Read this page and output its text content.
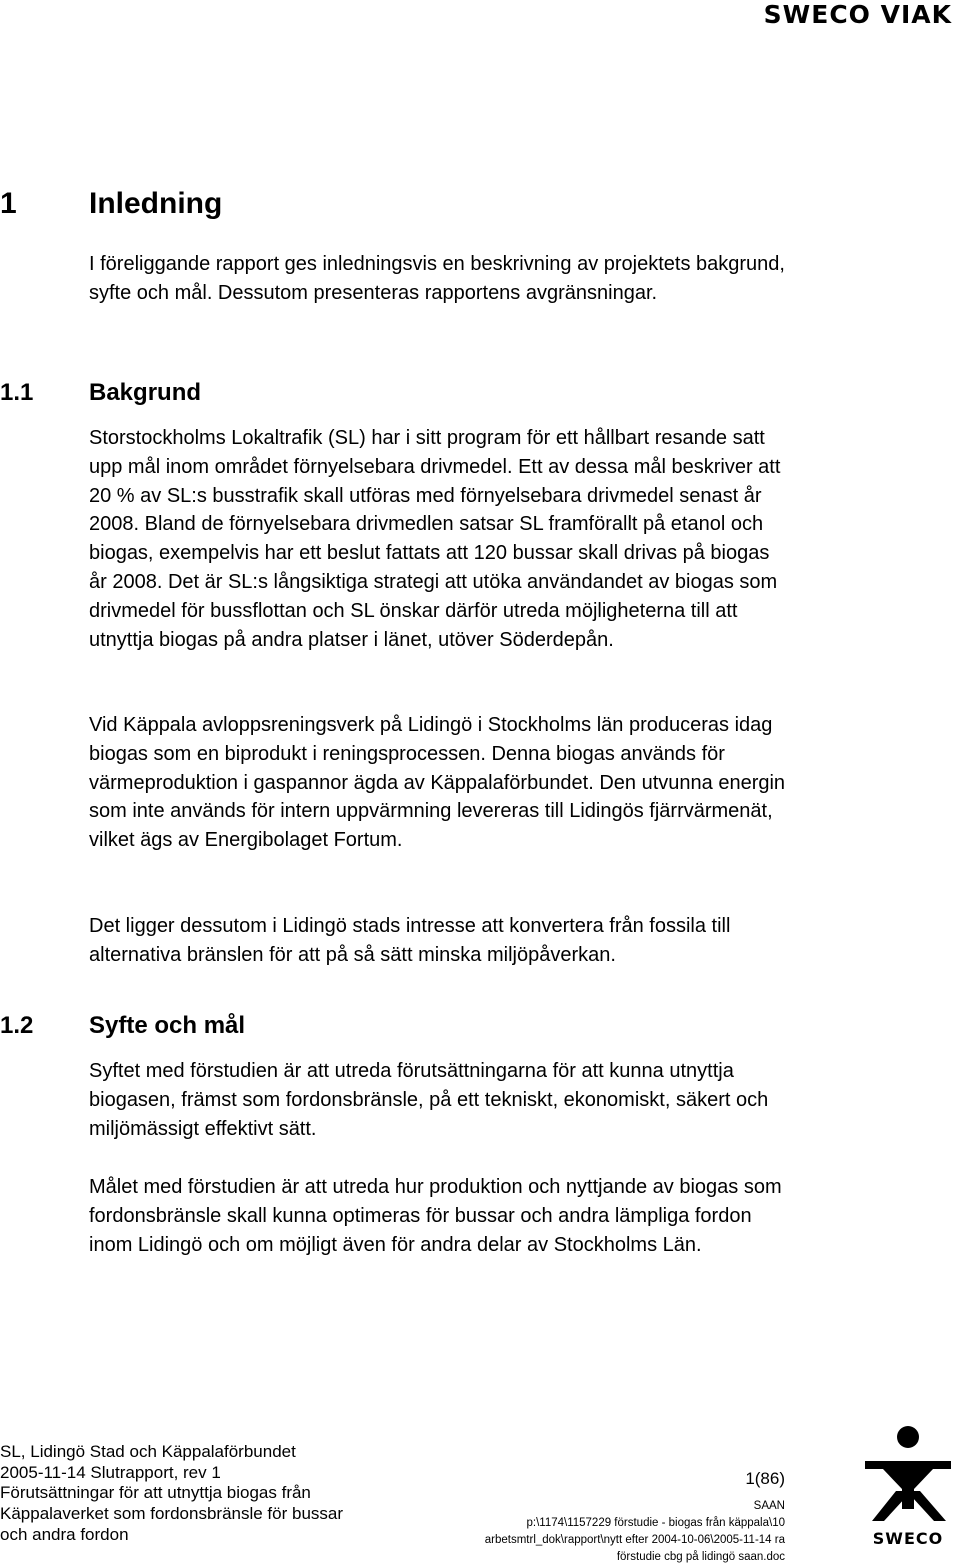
SWECO VIAK
1 Inledning

I föreliggande rapport ges inledningsvis en beskrivning av projektets bakgrund, syfte och mål. Dessutom presenteras rapportens avgränsningar.

1.1 Bakgrund

Storstockholms Lokaltrafik (SL) har i sitt program för ett hållbart resande satt upp mål inom området förnyelsebara drivmedel. Ett av dessa mål beskriver att 20 % av SL:s busstrafik skall utföras med förnyelsebara drivmedel senast år 2008. Bland de förnyelsebara drivmedlen satsar SL framförallt på etanol och biogas, exempelvis har ett beslut fattats att 120 bussar skall drivas på biogas år 2008. Det är SL:s långsiktiga strategi att utöka användandet av biogas som drivmedel för bussflottan och SL önskar därför utreda möjligheterna till att utnyttja biogas på andra platser i länet, utöver Söderdepån.

Vid Käppala avloppsreningsverk på Lidingö i Stockholms län produceras idag biogas som en biprodukt i reningsprocessen. Denna biogas används för värmeproduktion i gaspannor ägda av Käppalaförbundet. Den utvunna energin som inte används för intern uppvärmning levereras till Lidingös fjärrvärmenät, vilket ägs av Energibolaget Fortum.

Det ligger dessutom i Lidingö stads intresse att konvertera från fossila till alternativa bränslen för att på så sätt minska miljöpåverkan.

1.2 Syfte och mål

Syftet med förstudien är att utreda förutsättningarna för att kunna utnyttja biogasen, främst som fordonsbränsle, på ett tekniskt, ekonomiskt, säkert och miljömässigt effektivt sätt.

Målet med förstudien är att utreda hur produktion och nyttjande av biogas som fordonsbränsle skall kunna optimeras för bussar och andra lämpliga fordon inom Lidingö och om möjligt även för andra delar av Stockholms Län.

SL, Lidingö Stad och Käppalaförbundet
2005-11-14 Slutrapport, rev 1
Förutsättningar för att utnyttja biogas från
Käppalaverket som fordonsbränsle för bussar
och andra fordon
1(86)
SAAN
p:\1174\1157229 förstudie - biogas från käppala\10
arbetsmtrl_dok\rapport\nytt efter 2004-10-06\2005-11-14 ra
förstudie cbg på lidingö saan.doc
SWECO
